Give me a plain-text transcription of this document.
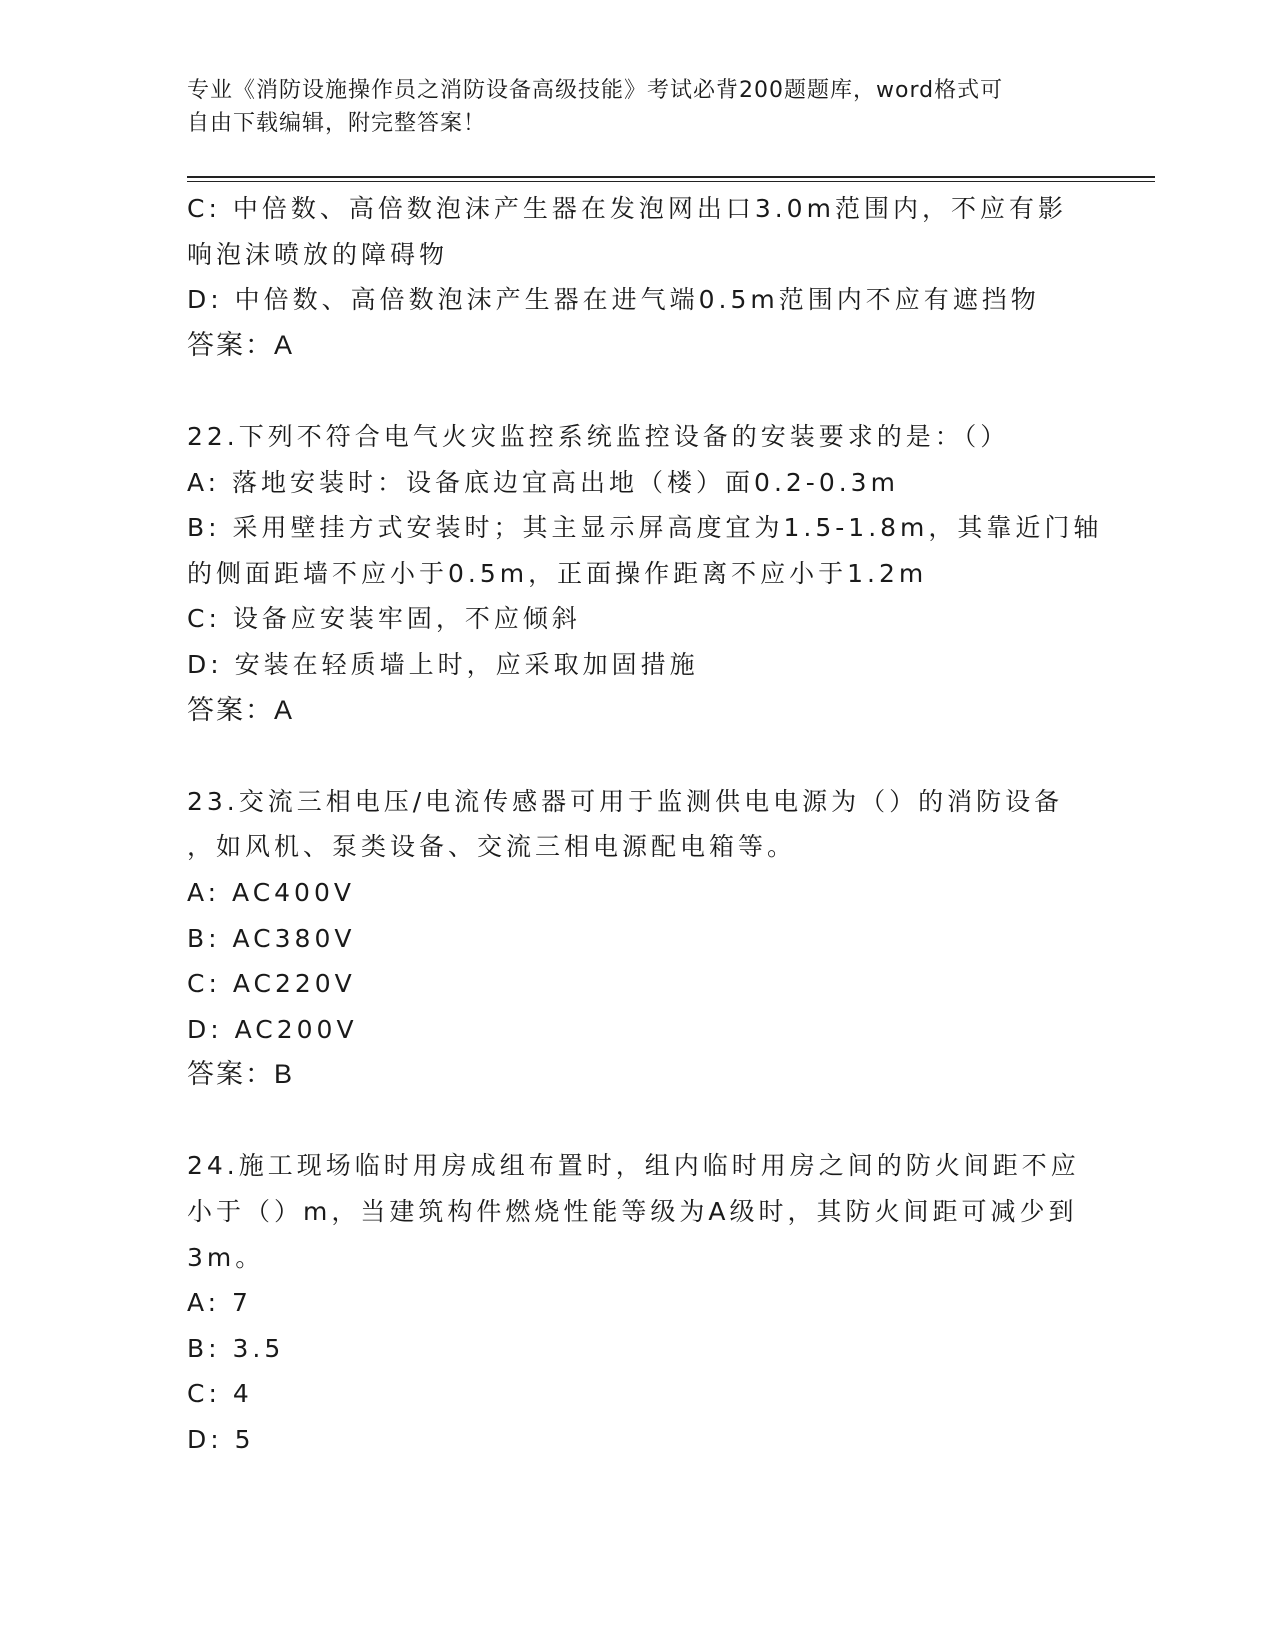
专业《消防设施操作员之消防设备高级技能》考试必背200题题库，word格式可
自由下载编辑，附完整答案！
C: 中倍数、高倍数泡沫产生器在发泡网出口3.0m范围内，不应有影
响泡沫喷放的障碍物
D: 中倍数、高倍数泡沫产生器在进气端0.5m范围内不应有遮挡物
答案：A
22.下列不符合电气火灾监控系统监控设备的安装要求的是：（）
A: 落地安装时：设备底边宜高出地（楼）面0.2-0.3m
B: 采用壁挂方式安装时；其主显示屏高度宜为1.5-1.8m，其靠近门轴
的侧面距墙不应小于0.5m，正面操作距离不应小于1.2m
C: 设备应安装牢固，不应倾斜
D: 安装在轻质墙上时，应采取加固措施
答案：A
23.交流三相电压/电流传感器可用于监测供电电源为（）的消防设备
，如风机、泵类设备、交流三相电源配电箱等。
A: AC400V
B: AC380V
C: AC220V
D: AC200V
答案：B
24.施工现场临时用房成组布置时，组内临时用房之间的防火间距不应
小于（）m，当建筑构件燃烧性能等级为A级时，其防火间距可减少到
3m。
A: 7
B: 3.5
C: 4
D: 5
